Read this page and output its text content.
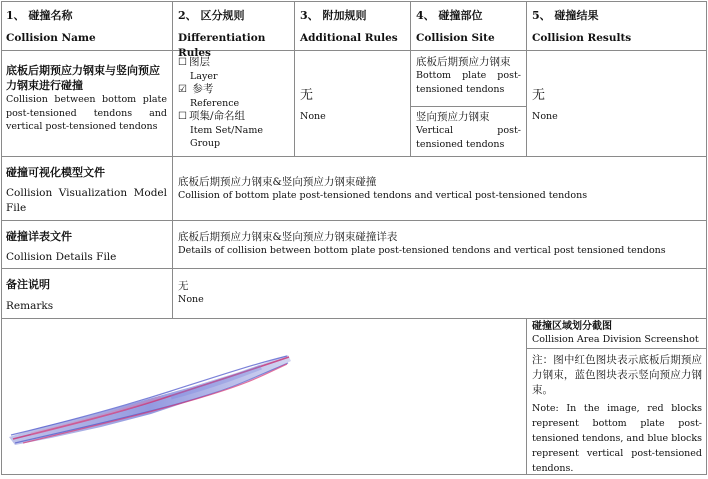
1、 碰撞名称
Collision Name
2、 区分规则
Differentiation Rules
3、 附加规则
Additional Rules
4、 碰撞部位
Collision Site
5、 碰撞结果
Collision Results
底板后期预应力钢束与竖向预应力钢束进行碰撞
Collision between bottom plate post-tensioned tendons and vertical post-tensioned tendons
☐ 图层
Layer
☑ 参考
Reference
☐ 项集/命名组
Item Set/Name Group
无
None
底板后期预应力钢束
Bottom plate post-tensioned tendons
竖向预应力钢束
Vertical post-tensioned tendons
无
None
碰撞可视化模型文件
Collision Visualization Model File
底板后期预应力钢束&竖向预应力钢束碰撞
Collision of bottom plate post-tensioned tendons and vertical post-tensioned tendons
碰撞详表文件
Collision Details File
底板后期预应力钢束&竖向预应力钢束碰撞详表
Details of collision between bottom plate post-tensioned tendons and vertical post tensioned tendons
备注说明
Remarks
无
None
碰撞区域划分截图
Collision Area Division Screenshot
注：图中红色图块表示底板后期预应力钢束，蓝色图块表示竖向预应力钢束。
Note: In the image, red blocks represent bottom plate post-tensioned tendons, and blue blocks represent vertical post-tensioned tendons.
